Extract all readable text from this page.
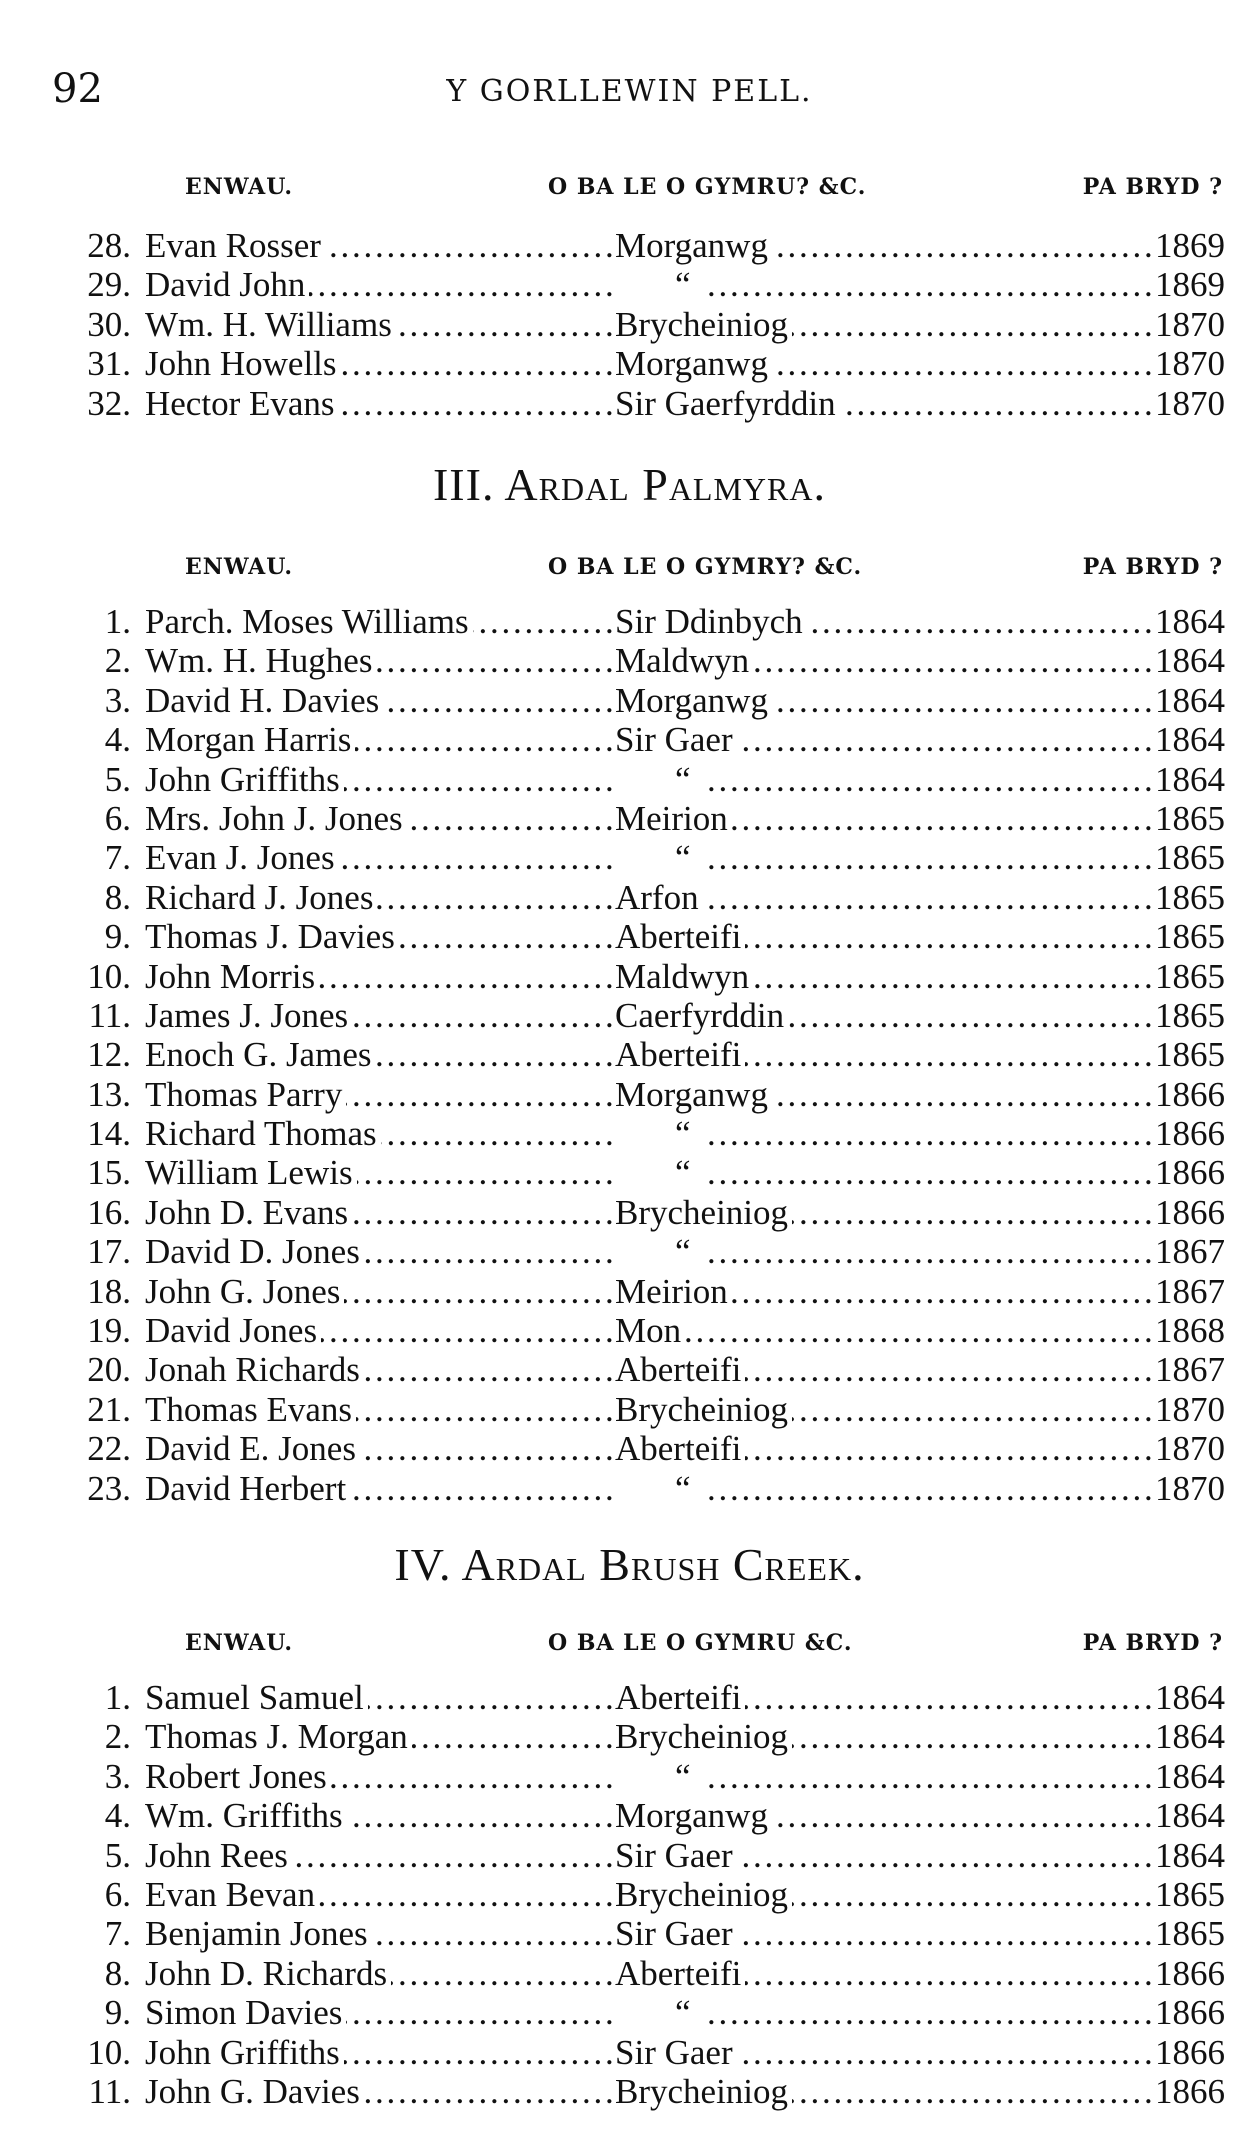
92	Y GORLLEWIN PELL.
ENWAU.	O BA LE O GYMRU? &C.	PA BRYD ?
28. Evan Rosser . . .	Morganwg . . .	1869
29. David John . . .	“ . . .	1869
30. Wm. H. Williams . . .	Brycheiniog . . .	1870
31. John Howells . . .	Morganwg . . .	1870
32. Hector Evans . . .	Sir Gaerfyrddin . . .	1870
III. Ardal Palmyra.
ENWAU.	O BA LE O GYMRY? &C.	PA BRYD ?
1. Parch. Moses Williams . . .	Sir Ddinbych . . .	1864
2. Wm. H. Hughes . . .	Maldwyn . . .	1864
3. David H. Davies . . .	Morganwg . . .	1864
4. Morgan Harris . . .	Sir Gaer . . .	1864
5. John Griffiths . . .	“ . . .	1864
6. Mrs. John J. Jones . . .	Meirion . . .	1865
7. Evan J. Jones . . .	“ . . .	1865
8. Richard J. Jones . . .	Arfon . . .	1865
9. Thomas J. Davies . . .	Aberteifi . . .	1865
10. John Morris . . .	Maldwyn . . .	1865
11. James J. Jones . . .	Caerfyrddin . . .	1865
12. Enoch G. James . . .	Aberteifi . . .	1865
13. Thomas Parry . . .	Morganwg . . .	1866
14. Richard Thomas . . .	“ . . .	1866
15. William Lewis . . .	“ . . .	1866
16. John D. Evans . . .	Brycheiniog . . .	1866
17. David D. Jones . . .	“ . . .	1867
18. John G. Jones . . .	Meirion . . .	1867
19. David Jones . . .	Mon . . .	1868
20. Jonah Richards . . .	Aberteifi . . .	1867
21. Thomas Evans . . .	Brycheiniog . . .	1870
22. David E. Jones . . .	Aberteifi . . .	1870
23. David Herbert . . .	“ . . .	1870
IV. Ardal Brush Creek.
ENWAU.	O BA LE O GYMRU &C.	PA BRYD ?
1. Samuel Samuel . . .	Aberteifi . . .	1864
2. Thomas J. Morgan . . .	Brycheiniog . . .	1864
3. Robert Jones . . .	“ . . .	1864
4. Wm. Griffiths . . .	Morganwg . . .	1864
5. John Rees . . .	Sir Gaer . . .	1864
6. Evan Bevan . . .	Brycheiniog . . .	1865
7. Benjamin Jones . . .	Sir Gaer . . .	1865
8. John D. Richards . . .	Aberteifi . . .	1866
9. Simon Davies . . .	“ . . .	1866
10. John Griffiths . . .	Sir Gaer . . .	1866
11. John G. Davies . . .	Brycheiniog . . .	1866
